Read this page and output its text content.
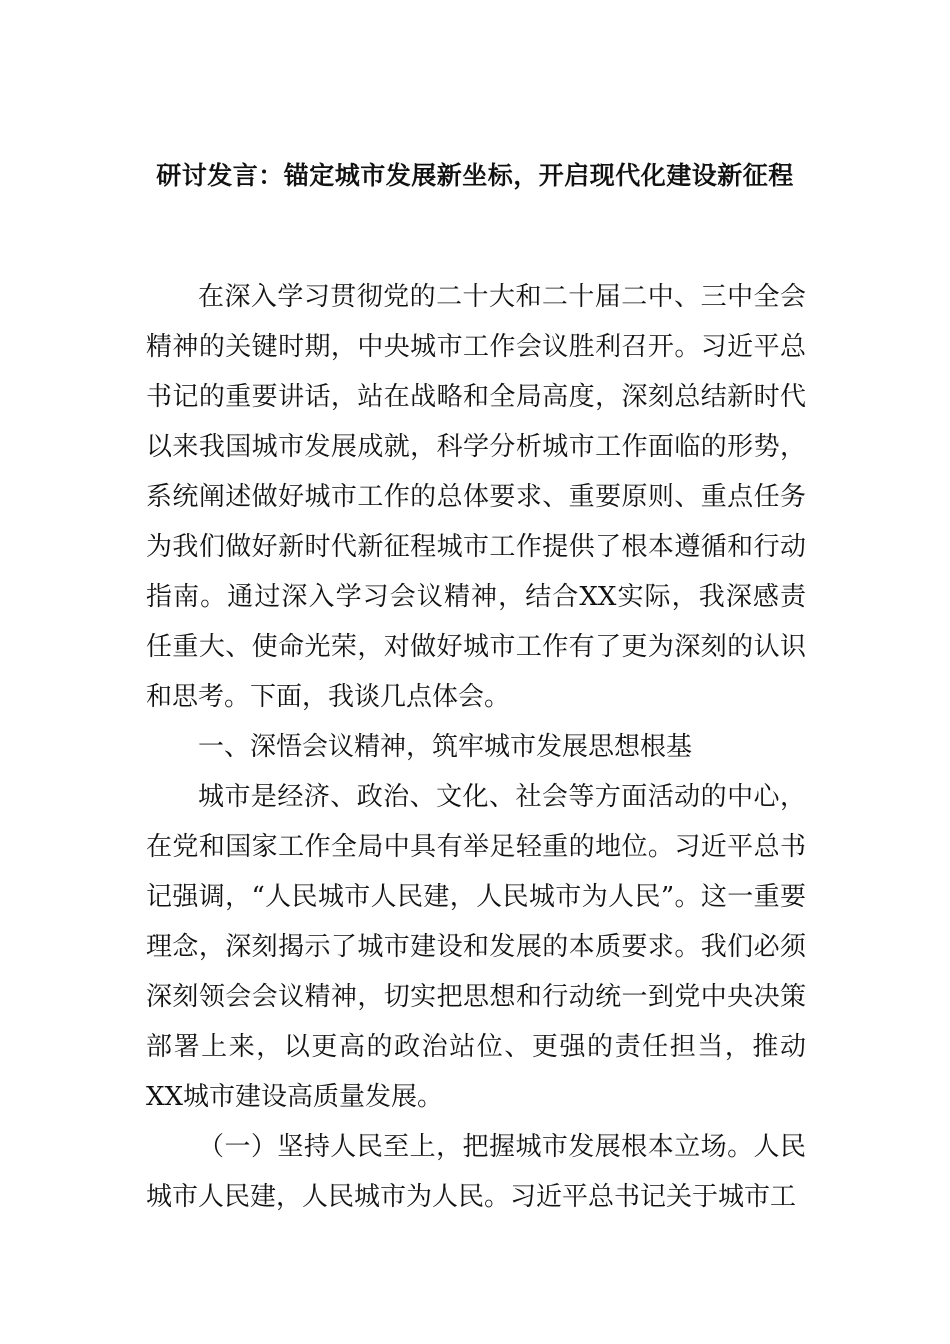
研讨发言：锚定城市发展新坐标，开启现代化建设新征程

在深入学习贯彻党的二十大和二十届二中、三中全会精神的关键时期，中央城市工作会议胜利召开。习近平总书记的重要讲话，站在战略和全局高度，深刻总结新时代以来我国城市发展成就，科学分析城市工作面临的形势，系统阐述做好城市工作的总体要求、重要原则、重点任务为我们做好新时代新征程城市工作提供了根本遵循和行动指南。通过深入学习会议精神，结合XX实际，我深感责任重大、使命光荣，对做好城市工作有了更为深刻的认识和思考。下面，我谈几点体会。

一、深悟会议精神，筑牢城市发展思想根基

城市是经济、政治、文化、社会等方面活动的中心，在党和国家工作全局中具有举足轻重的地位。习近平总书记强调，“人民城市人民建，人民城市为人民”。这一重要理念，深刻揭示了城市建设和发展的本质要求。我们必须深刻领会会议精神，切实把思想和行动统一到党中央决策部署上来，以更高的政治站位、更强的责任担当，推动XX城市建设高质量发展。

（一）坚持人民至上，把握城市发展根本立场。人民城市人民建，人民城市为人民。习近平总书记关于城市工
